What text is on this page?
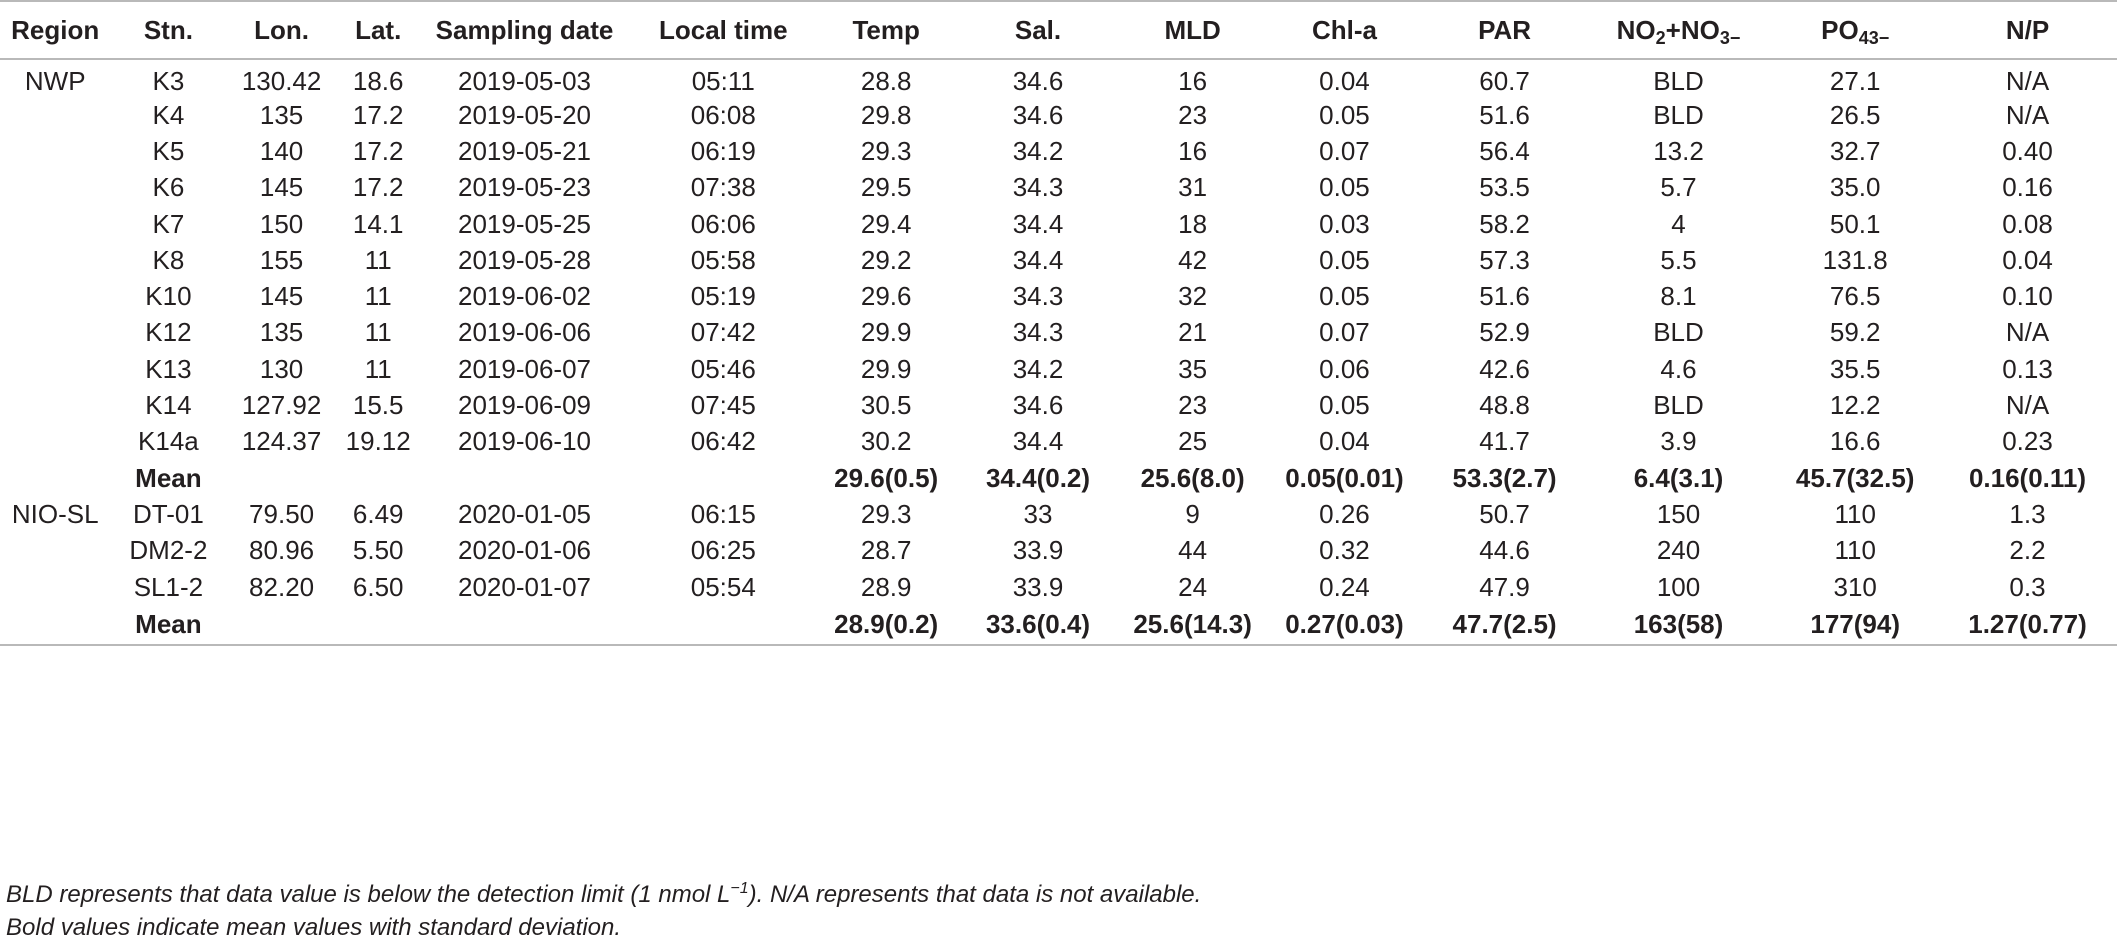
Region	Stn.	Lon.	Lat.	Sampling date	Local time	Temp	Sal.	MLD	Chl-a	PAR	$NO_2+NO_{3-}$	$PO_{43-}$	N/P
NWP	K3	130.42	18.6	2019-05-03	05:11	28.8	34.6	16	0.04	60.7	BLD	27.1	N/A
	K4	135	17.2	2019-05-20	06:08	29.8	34.6	23	0.05	51.6	BLD	26.5	N/A
	K5	140	17.2	2019-05-21	06:19	29.3	34.2	16	0.07	56.4	13.2	32.7	0.40
	K6	145	17.2	2019-05-23	07:38	29.5	34.3	31	0.05	53.5	5.7	35.0	0.16
	K7	150	14.1	2019-05-25	06:06	29.4	34.4	18	0.03	58.2	4	50.1	0.08
	K8	155	11	2019-05-28	05:58	29.2	34.4	42	0.05	57.3	5.5	131.8	0.04
	K10	145	11	2019-06-02	05:19	29.6	34.3	32	0.05	51.6	8.1	76.5	0.10
	K12	135	11	2019-06-06	07:42	29.9	34.3	21	0.07	52.9	BLD	59.2	N/A
	K13	130	11	2019-06-07	05:46	29.9	34.2	35	0.06	42.6	4.6	35.5	0.13
	K14	127.92	15.5	2019-06-09	07:45	30.5	34.6	23	0.05	48.8	BLD	12.2	N/A
	K14a	124.37	19.12	2019-06-10	06:42	30.2	34.4	25	0.04	41.7	3.9	16.6	0.23
	Mean					29.6(0.5)	34.4(0.2)	25.6(8.0)	0.05(0.01)	53.3(2.7)	6.4(3.1)	45.7(32.5)	0.16(0.11)
NIO-SL	DT-01	79.50	6.49	2020-01-05	06:15	29.3	33	9	0.26	50.7	150	110	1.3
	DM2-2	80.96	5.50	2020-01-06	06:25	28.7	33.9	44	0.32	44.6	240	110	2.2
	SL1-2	82.20	6.50	2020-01-07	05:54	28.9	33.9	24	0.24	47.9	100	310	0.3
	Mean					28.9(0.2)	33.6(0.4)	25.6(14.3)	0.27(0.03)	47.7(2.5)	163(58)	177(94)	1.27(0.77)
BLD represents that data value is below the detection limit (1 nmol $L^{-1}$). N/A represents that data is not available.
Bold values indicate mean values with standard deviation.
